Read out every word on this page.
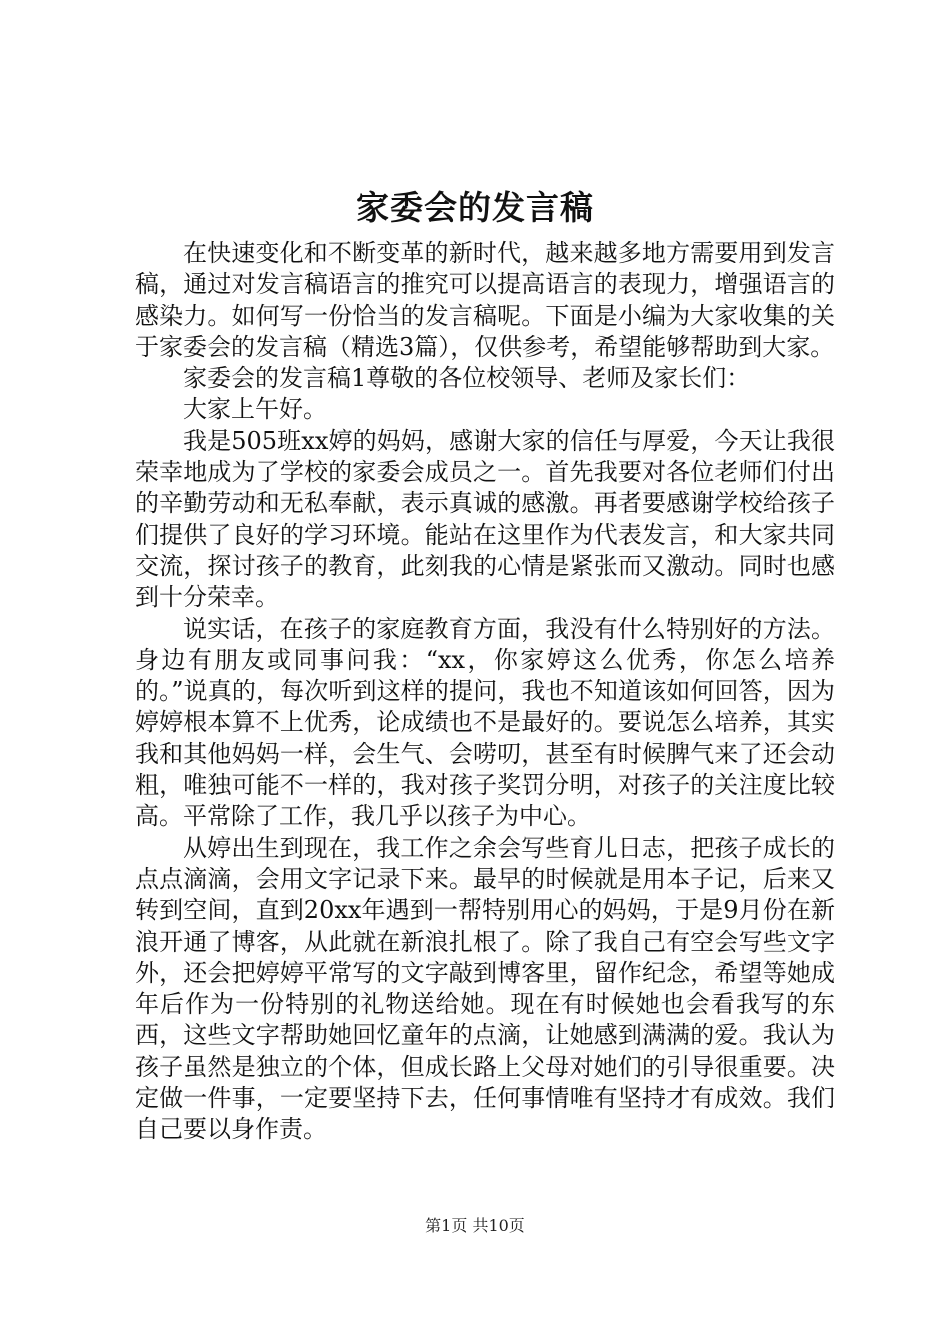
家委会的发言稿

在快速变化和不断变革的新时代，越来越多地方需要用到发言稿，通过对发言稿语言的推究可以提高语言的表现力，增强语言的感染力。如何写一份恰当的发言稿呢。下面是小编为大家收集的关于家委会的发言稿（精选3篇），仅供参考，希望能够帮助到大家。

家委会的发言稿1尊敬的各位校领导、老师及家长们：

大家上午好。

我是505班xx婷的妈妈，感谢大家的信任与厚爱，今天让我很荣幸地成为了学校的家委会成员之一。首先我要对各位老师们付出的辛勤劳动和无私奉献，表示真诚的感激。再者要感谢学校给孩子们提供了良好的学习环境。能站在这里作为代表发言，和大家共同交流，探讨孩子的教育，此刻我的心情是紧张而又激动。同时也感到十分荣幸。

说实话，在孩子的家庭教育方面，我没有什么特别好的方法。身边有朋友或同事问我：“xx，你家婷这么优秀，你怎么培养的。”说真的，每次听到这样的提问，我也不知道该如何回答，因为婷婷根本算不上优秀，论成绩也不是最好的。要说怎么培养，其实我和其他妈妈一样，会生气、会唠叨，甚至有时候脾气来了还会动粗，唯独可能不一样的，我对孩子奖罚分明，对孩子的关注度比较高。平常除了工作，我几乎以孩子为中心。

从婷出生到现在，我工作之余会写些育儿日志，把孩子成长的点点滴滴，会用文字记录下来。最早的时候就是用本子记，后来又转到空间，直到20xx年遇到一帮特别用心的妈妈，于是9月份在新浪开通了博客，从此就在新浪扎根了。除了我自己有空会写些文字外，还会把婷婷平常写的文字敲到博客里，留作纪念，希望等她成年后作为一份特别的礼物送给她。现在有时候她也会看我写的东西，这些文字帮助她回忆童年的点滴，让她感到满满的爱。我认为孩子虽然是独立的个体，但成长路上父母对她们的引导很重要。决定做一件事，一定要坚持下去，任何事情唯有坚持才有成效。我们自己要以身作责。

第1页 共10页
